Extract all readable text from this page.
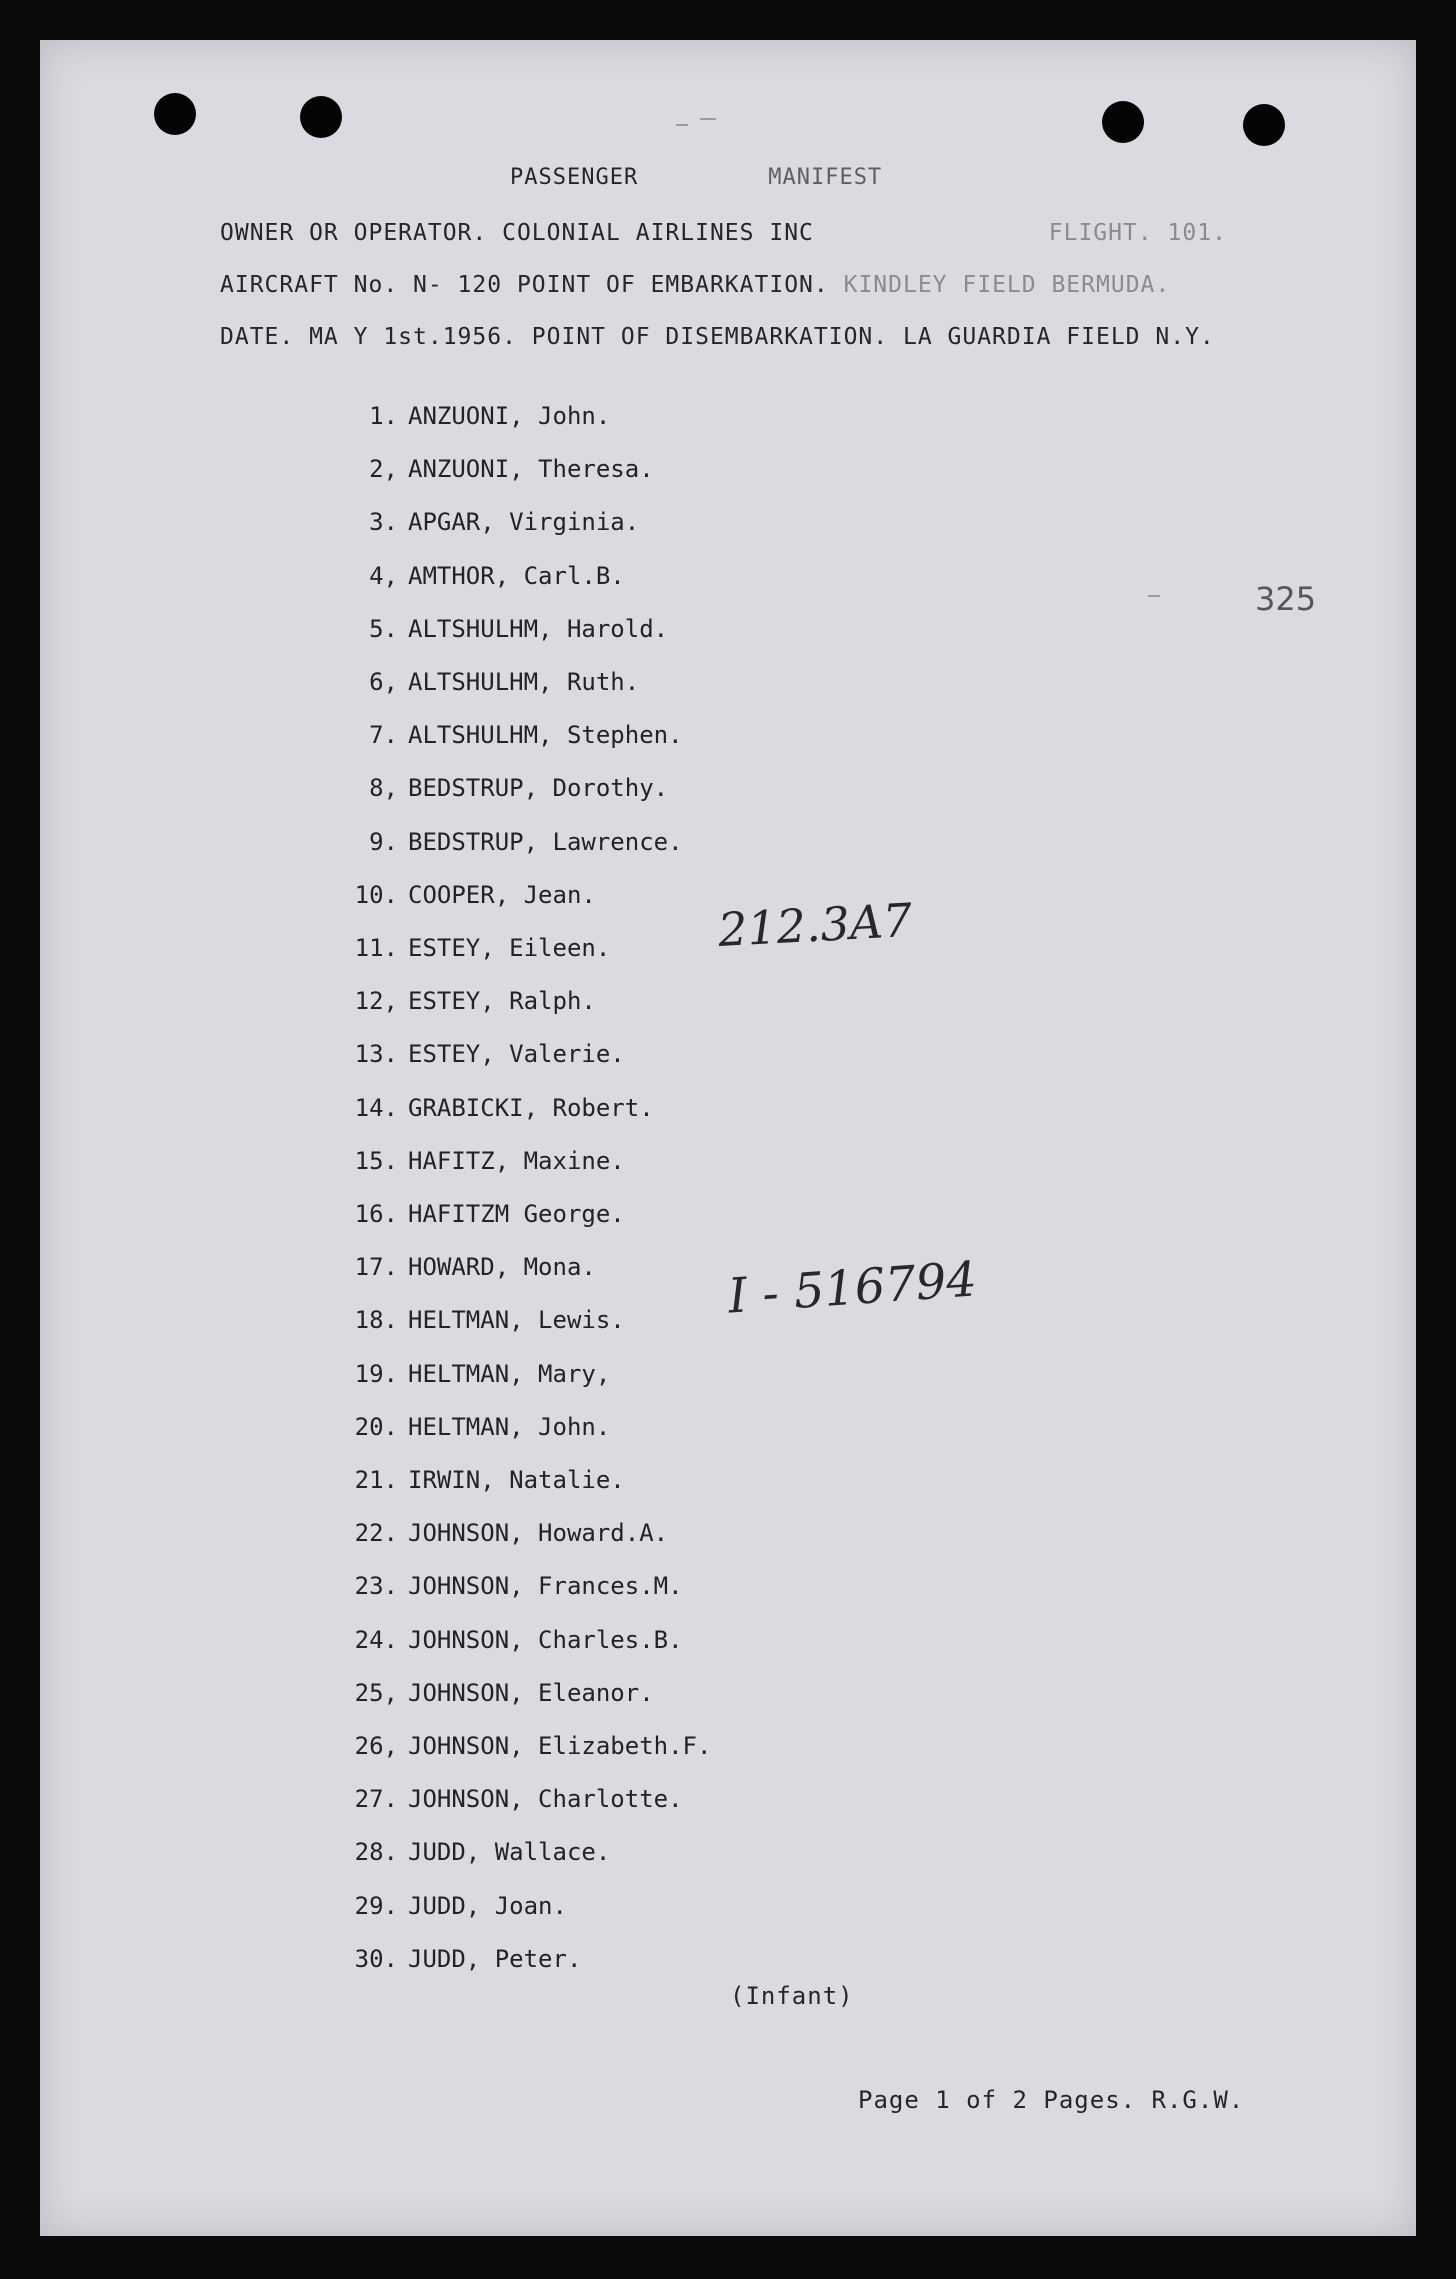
PASSENGER	MANIFEST
OWNER OR OPERATOR. COLONIAL AIRLINES INC	FLIGHT. 101.
AIRCRAFT No. N- 120 POINT OF EMBARKATION. KINDLEY FIELD BERMUDA.
DATE. MA Y 1st.1956. POINT OF DISEMBARKATION. LA GUARDIA FIELD N.Y.
1. ANZUONI, John.
2, ANZUONI, Theresa.
3. APGAR, Virginia.
4, AMTHOR, Carl.B.
5. ALTSHULHM, Harold.
6, ALTSHULHM, Ruth.
7. ALTSHULHM, Stephen.
8, BEDSTRUP, Dorothy.
9. BEDSTRUP, Lawrence.
10. COOPER, Jean.
11. ESTEY, Eileen.
12, ESTEY, Ralph.
13. ESTEY, Valerie.
14. GRABICKI, Robert.
15. HAFITZ, Maxine.
16. HAFITZM George.
17. HOWARD, Mona.
18. HELTMAN, Lewis.
19. HELTMAN, Mary,
20. HELTMAN, John.
21. IRWIN, Natalie.
22. JOHNSON, Howard.A.
23. JOHNSON, Frances.M.
24. JOHNSON, Charles.B.
25, JOHNSON, Eleanor.
26, JOHNSON, Elizabeth.F.
27. JOHNSON, Charlotte.
28. JUDD, Wallace.
29. JUDD, Joan.
30. JUDD, Peter.
325
212.3A7
I - 516794
(Infant)
Page 1 of 2 Pages. R.G.W.
